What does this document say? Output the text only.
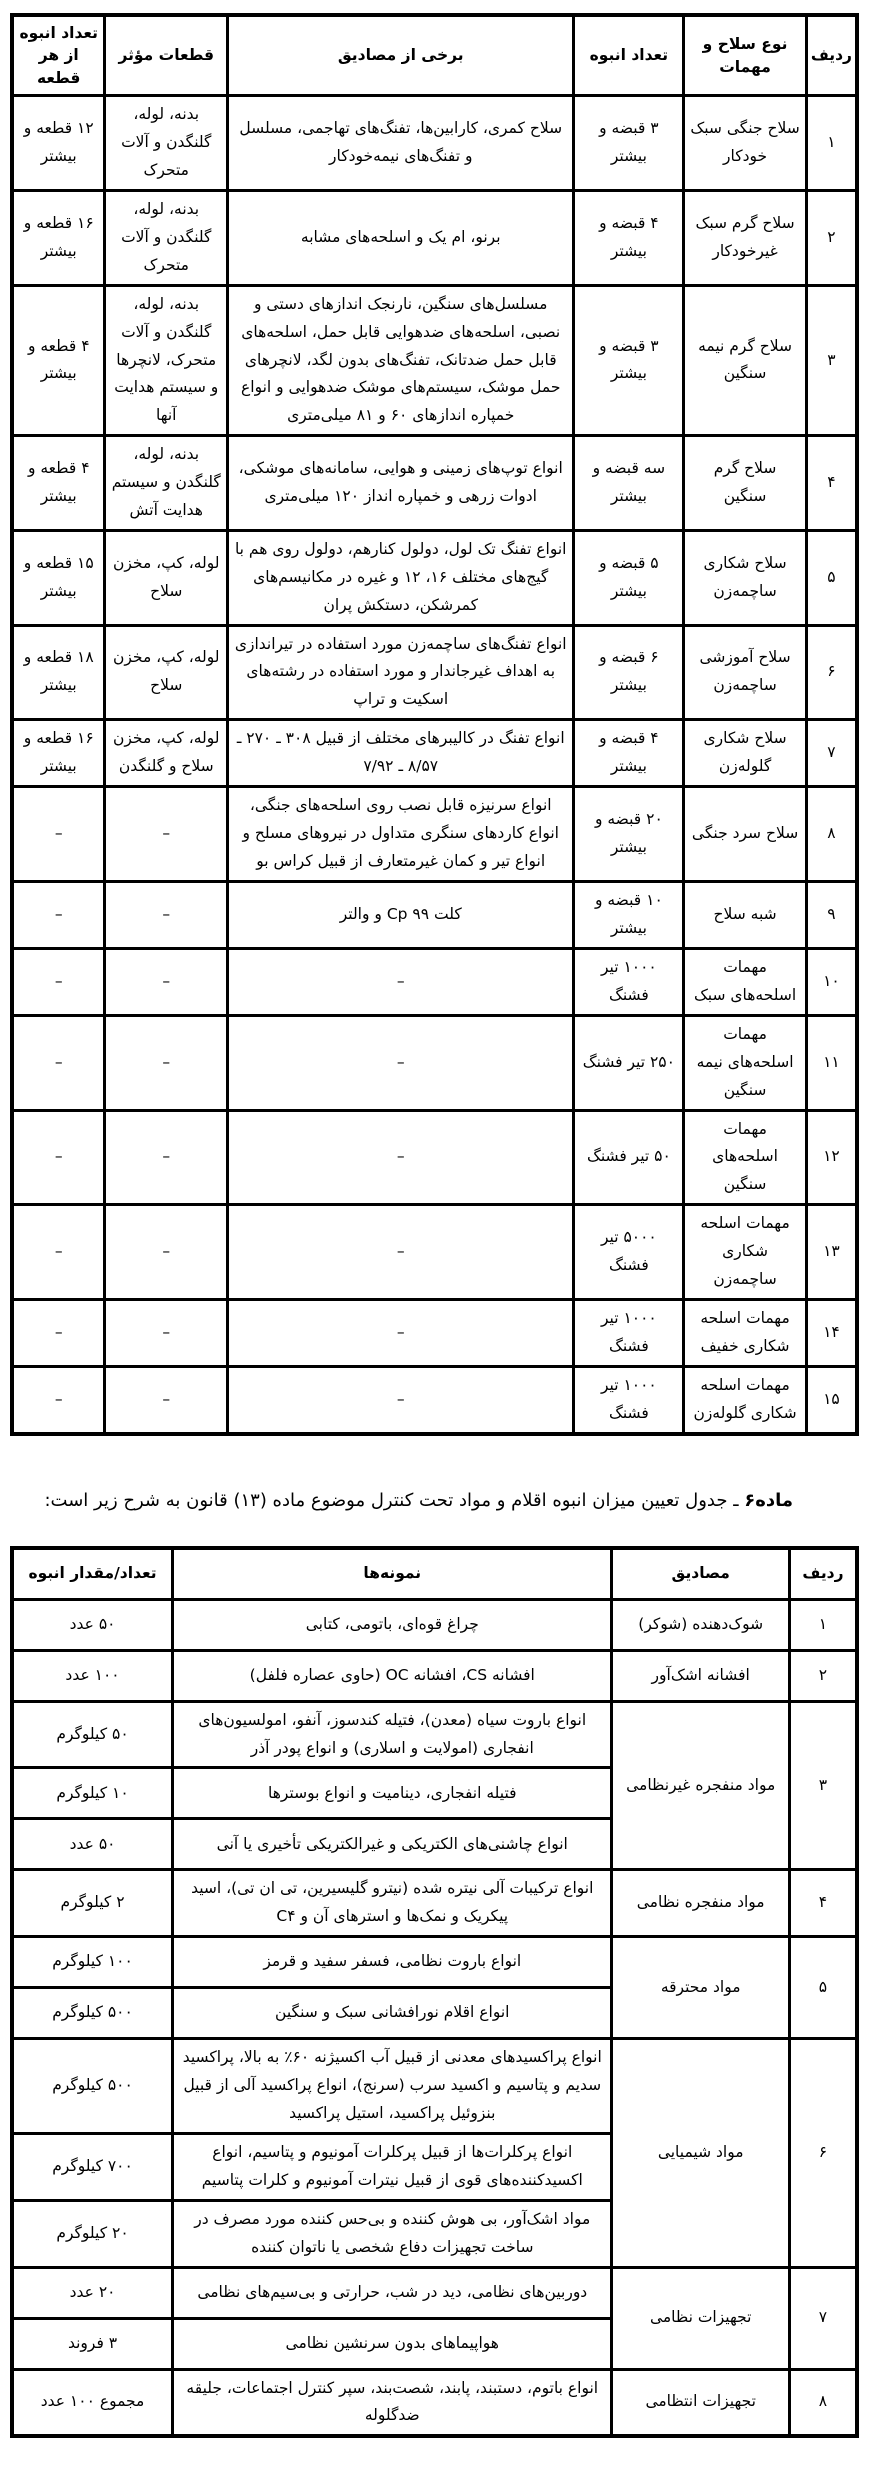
ردیف	نوع سلاح و مهمات	تعداد انبوه	برخی از مصادیق	قطعات مؤثر	تعداد انبوه از هر قطعه
۱	سلاح جنگی سبک خودکار	۳ قبضه و بیشتر	سلاح کمری، کارابین‌ها، تفنگ‌های تهاجمی، مسلسل و تفنگ‌های نیمه‌خودکار	بدنه، لوله، گلنگدن و آلات متحرک	۱۲ قطعه و بیشتر
۲	سلاح گرم سبک غیرخودکار	۴ قبضه و بیشتر	برنو، ام یک و اسلحه‌های مشابه	بدنه، لوله، گلنگدن و آلات متحرک	۱۶ قطعه و بیشتر
۳	سلاح گرم نیمه سنگین	۳ قبضه و بیشتر	مسلسل‌های سنگین، نارنجک اندازهای دستی و نصبی، اسلحه‌های ضدهوایی قابل حمل، اسلحه‌های قابل حمل ضدتانک، تفنگ‌های بدون لگد، لانچرهای حمل موشک، سیستم‌های موشک ضدهوایی و انواع خمپاره اندازهای ۶۰ و ۸۱ میلی‌متری	بدنه، لوله، گلنگدن و آلات متحرک، لانچرها و سیستم هدایت آنها	۴ قطعه و بیشتر
۴	سلاح گرم سنگین	سه قبضه و بیشتر	انواع توپ‌های زمینی و هوایی، سامانه‌های موشکی، ادوات زرهی و خمپاره انداز ۱۲۰ میلی‌متری	بدنه، لوله، گلنگدن و سیستم هدایت آتش	۴ قطعه و بیشتر
۵	سلاح شکاری ساچمه‌زن	۵ قبضه و بیشتر	انواع تفنگ تک لول، دولول کنارهم، دولول روی هم با گیج‌های مختلف ۱۶، ۱۲ و غیره در مکانیسم‌های کمرشکن، دستکش پران	لوله، کپ، مخزن سلاح	۱۵ قطعه و بیشتر
۶	سلاح آموزشی ساچمه‌زن	۶ قبضه و بیشتر	انواع تفنگ‌های ساچمه‌زن مورد استفاده در تیراندازی به اهداف غیرجاندار و مورد استفاده در رشته‌های اسکیت و تراپ	لوله، کپ، مخزن سلاح	۱۸ قطعه و بیشتر
۷	سلاح شکاری گلوله‌زن	۴ قبضه و بیشتر	انواع تفنگ در کالیبرهای مختلف از قبیل ۳۰۸ ـ ۲۷۰ ـ ۸/۵۷ ـ ۷/۹۲	لوله، کپ، مخزن سلاح و گلنگدن	۱۶ قطعه و بیشتر
۸	سلاح سرد جنگی	۲۰ قبضه و بیشتر	انواع سرنیزه قابل نصب روی اسلحه‌های جنگی، انواع کاردهای سنگری متداول در نیروهای مسلح و انواع تیر و کمان غیرمتعارف از قبیل کراس بو	–	–
۹	شبه سلاح	۱۰ قبضه و بیشتر	کلت Cp ۹۹ و والتر	–	–
۱۰	مهمات اسلحه‌های سبک	۱۰۰۰ تیر فشنگ	–	–	–
۱۱	مهمات اسلحه‌های نیمه سنگین	۲۵۰ تیر فشنگ	–	–	–
۱۲	مهمات اسلحه‌های سنگین	۵۰ تیر فشنگ	–	–	–
۱۳	مهمات اسلحه شکاری ساچمه‌زن	۵۰۰۰ تیر فشنگ	–	–	–
۱۴	مهمات اسلحه شکاری خفیف	۱۰۰۰ تیر فشنگ	–	–	–
۱۵	مهمات اسلحه شکاری گلوله‌زن	۱۰۰۰ تیر فشنگ	–	–	–

ماده۶ ـ جدول تعیین میزان انبوه اقلام و مواد تحت کنترل موضوع ماده (۱۳) قانون به شرح زیر است:

ردیف	مصادیق	نمونه‌ها	تعداد/مقدار انبوه
۱	شوک‌دهنده (شوکر)	چراغ قوه‌ای، باتومی، کتابی	۵۰ عدد
۲	افشانه اشک‌آور	افشانه CS، افشانه OC (حاوی عصاره فلفل)	۱۰۰ عدد
۳	مواد منفجره غیرنظامی	انواع باروت سیاه (معدن)، فتیله کندسوز، آنفو، امولسیون‌های انفجاری (امولایت و اسلاری) و انواع پودر آذر	۵۰ کیلوگرم
		فتیله انفجاری، دینامیت و انواع بوسترها	۱۰ کیلوگرم
		انواع چاشنی‌های الکتریکی و غیرالکتریکی تأخیری یا آنی	۵۰ عدد
۴	مواد منفجره نظامی	انواع ترکیبات آلی نیتره شده (نیترو گلیسیرین، تی ان تی)، اسید پیکریک و نمک‌ها و استرهای آن و C۴	۲ کیلوگرم
۵	مواد محترقه	انواع باروت نظامی، فسفر سفید و قرمز	۱۰۰ کیلوگرم
		انواع اقلام نورافشانی سبک و سنگین	۵۰۰ کیلوگرم
۶	مواد شیمیایی	انواع پراکسیدهای معدنی از قبیل آب اکسیژنه ۶۰٪ به بالا، پراکسید سدیم و پتاسیم و اکسید سرب (سرنج)، انواع پراکسید آلی از قبیل بنزوئیل پراکسید، استیل پراکسید	۵۰۰ کیلوگرم
		انواع پرکلرات‌ها از قبیل پرکلرات آمونیوم و پتاسیم، انواع اکسیدکننده‌های قوی از قبیل نیترات آمونیوم و کلرات پتاسیم	۷۰۰ کیلوگرم
		مواد اشک‌آور، بی هوش کننده و بی‌حس کننده مورد مصرف در ساخت تجهیزات دفاع شخصی یا ناتوان کننده	۲۰ کیلوگرم
۷	تجهیزات نظامی	دوربین‌های نظامی، دید در شب، حرارتی و بی‌سیم‌های نظامی	۲۰ عدد
		هواپیماهای بدون سرنشین نظامی	۳ فروند
۸	تجهیزات انتظامی	انواع باتوم، دستبند، پابند، شصت‌بند، سپر کنترل اجتماعات، جلیقه ضدگلوله	مجموع ۱۰۰ عدد
